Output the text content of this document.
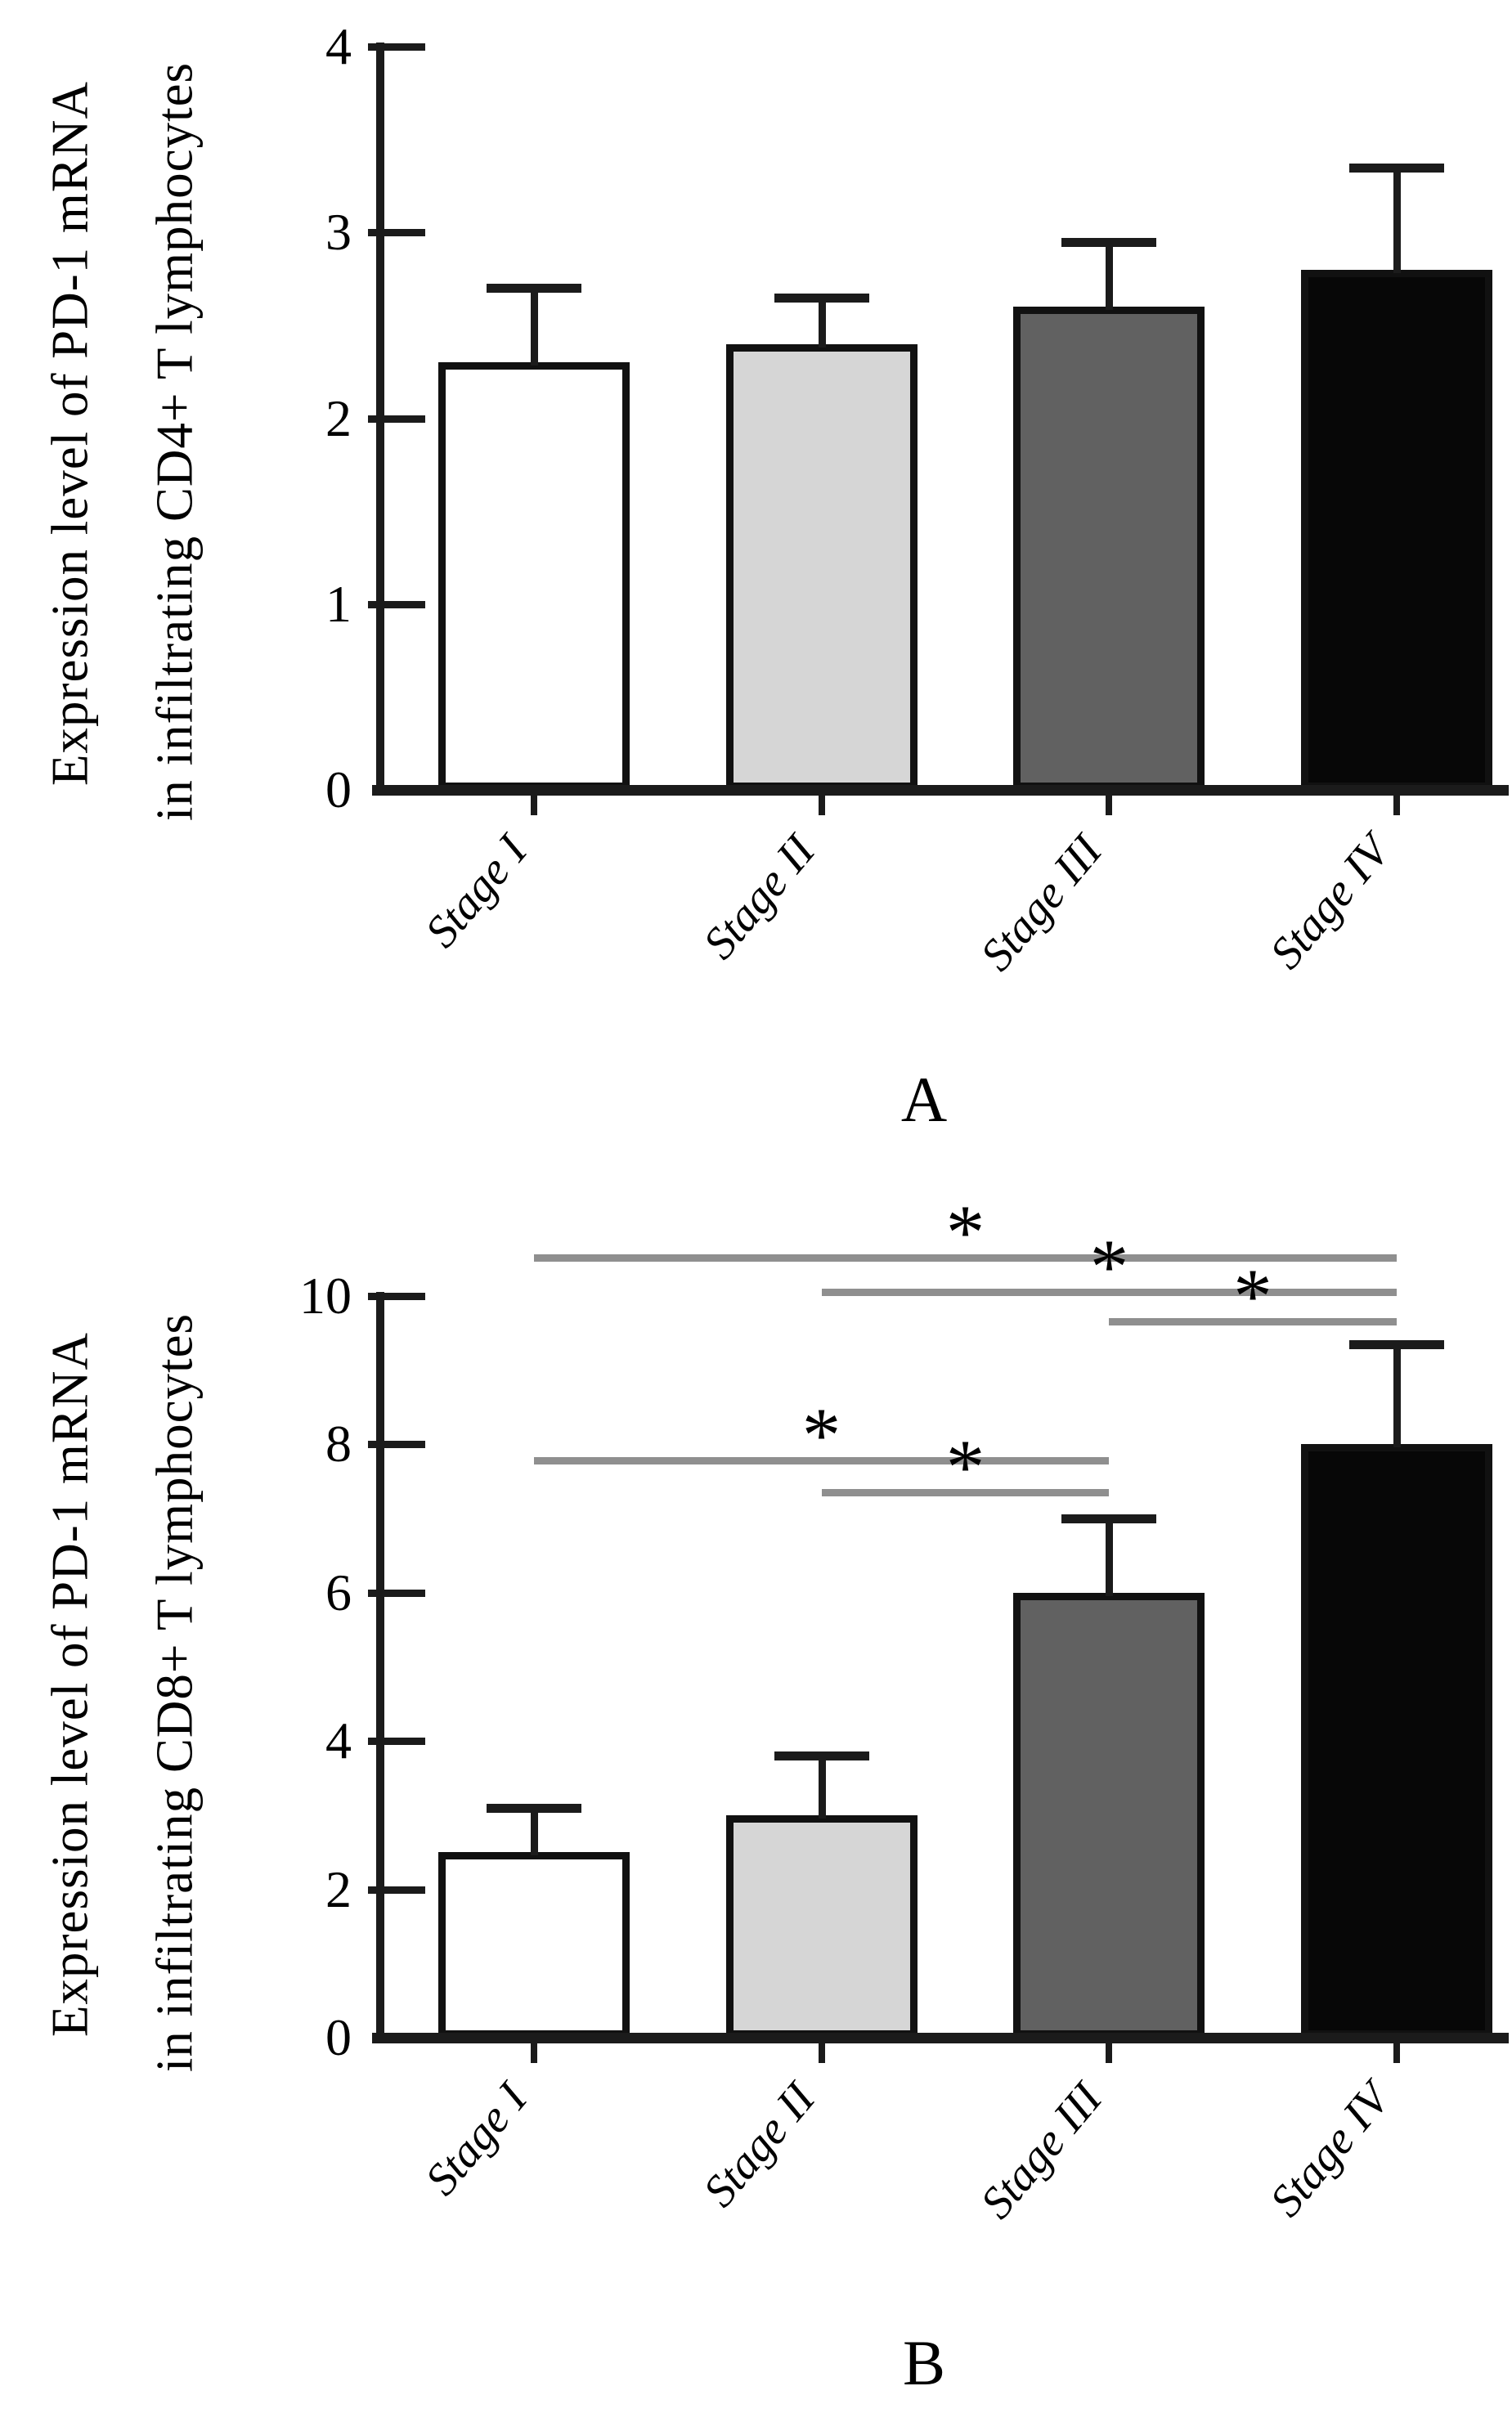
Expression level of PD-1 mRNA in infiltrating CD4+ T lymphocytes
A
Expression level of PD-1 mRNA in infiltrating CD8+ T lymphocytes
B
Stage I	Stage II	Stage III	Stage IV
0
1
2
3
4
Stage I	Stage II	Stage III	Stage IV
0
2
4
6
8
10
* * *
* *
